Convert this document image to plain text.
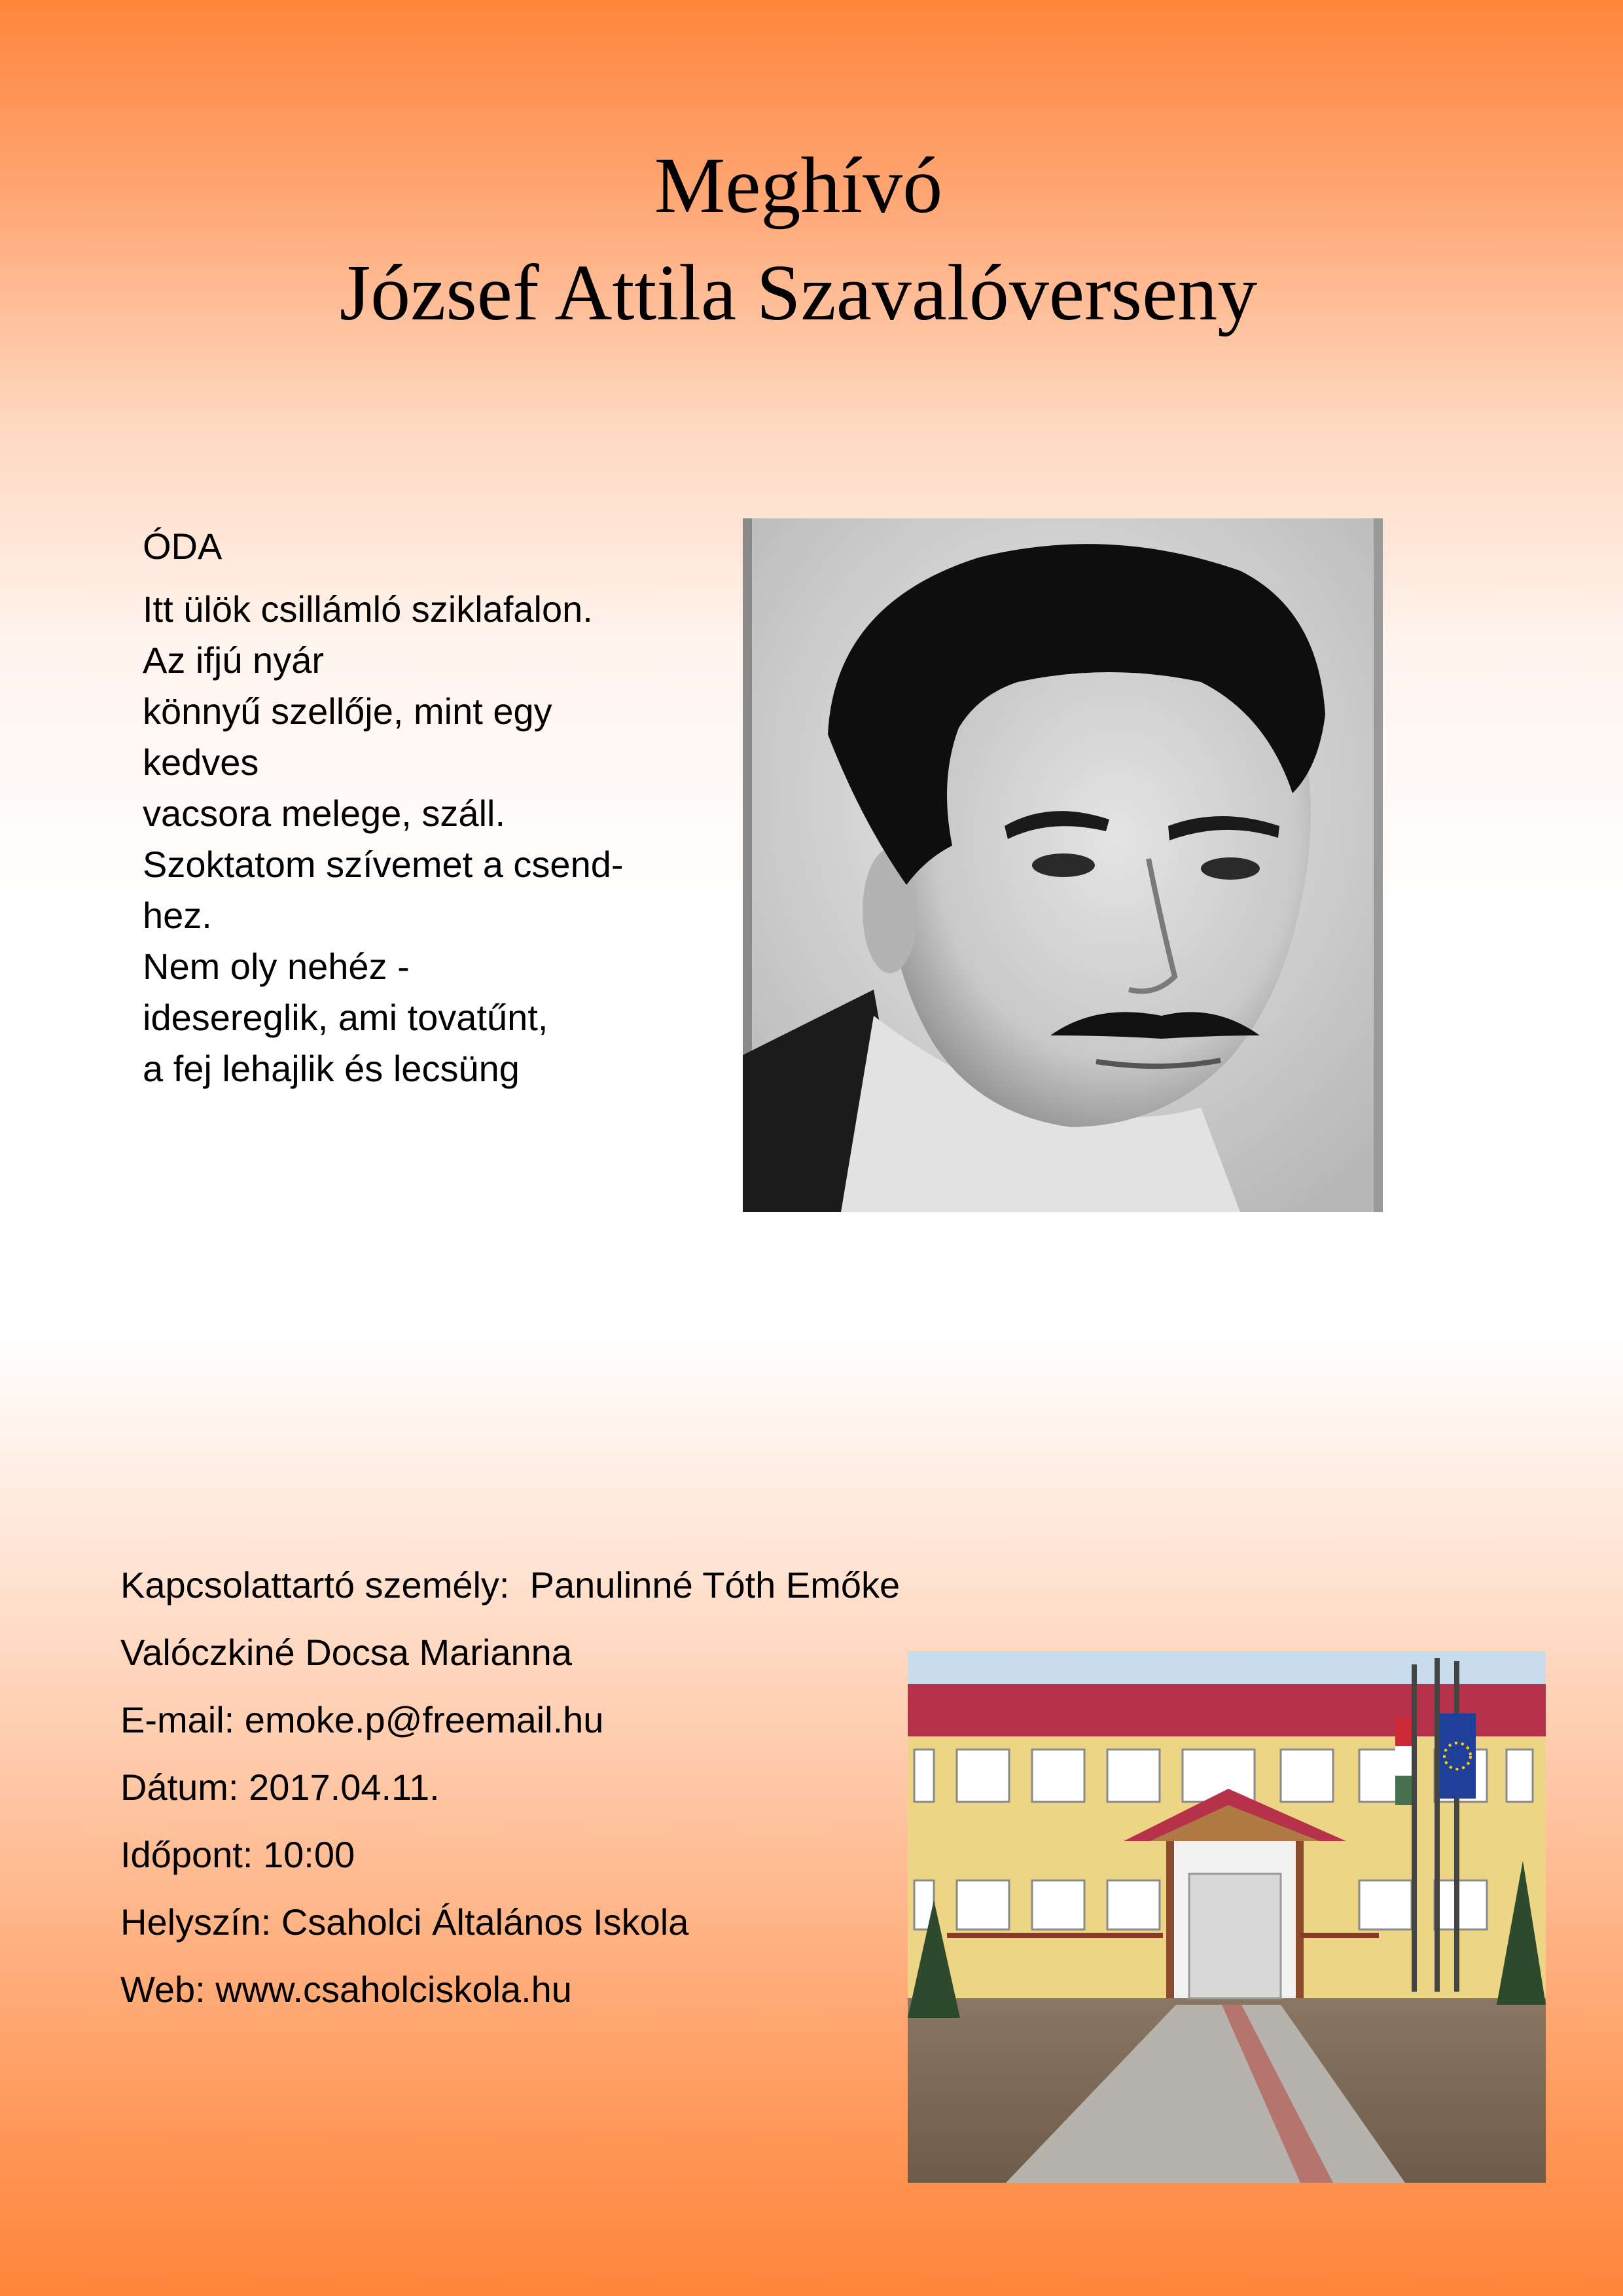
Meghívó
József Attila Szavalóverseny
ÓDA
Itt ülök csillámló sziklafalon.
Az ifjú nyár
könnyű szellője, mint egy
kedves
vacsora melege, száll.
Szoktatom szívemet a csend-
hez.
Nem oly nehéz -
idesereglik, ami tovatűnt,
a fej lehajlik és lecsüng
Kapcsolattartó személy: Panulinné Tóth Emőke
Valóczkiné Docsa Marianna
E-mail: emoke.p@freemail.hu
Dátum: 2017.04.11.
Időpont: 10:00
Helyszín: Csaholci Általános Iskola
Web: www.csaholciskola.hu
